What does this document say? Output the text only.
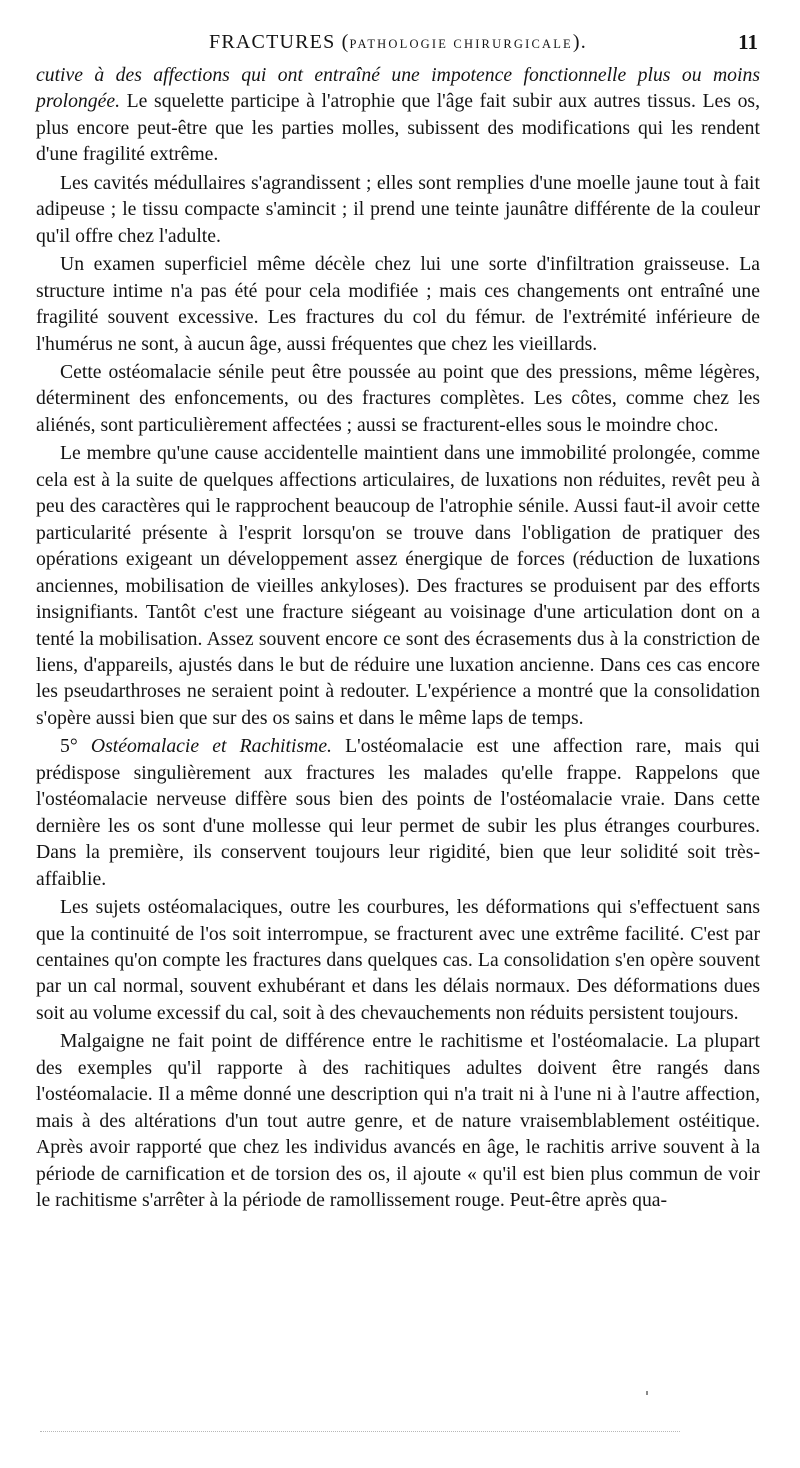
FRACTURES (PATHOLOGIE CHIRURGICALE).	11

cutive à des affections qui ont entraîné une impotence fonctionnelle plus ou moins prolongée. Le squelette participe à l'atrophie que l'âge fait subir aux autres tissus. Les os, plus encore peut-être que les parties molles, subissent des modifications qui les rendent d'une fragilité extrême.

Les cavités médullaires s'agrandissent ; elles sont remplies d'une moelle jaune tout à fait adipeuse ; le tissu compacte s'amincit ; il prend une teinte jaunâtre différente de la couleur qu'il offre chez l'adulte.

Un examen superficiel même décèle chez lui une sorte d'infiltration graisseuse. La structure intime n'a pas été pour cela modifiée ; mais ces changements ont entraîné une fragilité souvent excessive. Les fractures du col du fémur. de l'extrémité inférieure de l'humérus ne sont, à aucun âge, aussi fréquentes que chez les vieillards.

Cette ostéomalacie sénile peut être poussée au point que des pressions, même légères, déterminent des enfoncements, ou des fractures complètes. Les côtes, comme chez les aliénés, sont particulièrement affectées ; aussi se fracturent-elles sous le moindre choc.

Le membre qu'une cause accidentelle maintient dans une immobilité prolongée, comme cela est à la suite de quelques affections articulaires, de luxations non réduites, revêt peu à peu des caractères qui le rapprochent beaucoup de l'atrophie sénile. Aussi faut-il avoir cette particularité présente à l'esprit lorsqu'on se trouve dans l'obligation de pratiquer des opérations exigeant un développement assez énergique de forces (réduction de luxations anciennes, mobilisation de vieilles ankyloses). Des fractures se produisent par des efforts insignifiants. Tantôt c'est une fracture siégeant au voisinage d'une articulation dont on a tenté la mobilisation. Assez souvent encore ce sont des écrasements dus à la constriction de liens, d'appareils, ajustés dans le but de réduire une luxation ancienne. Dans ces cas encore les pseudarthroses ne seraient point à redouter. L'expérience a montré que la consolidation s'opère aussi bien que sur des os sains et dans le même laps de temps.

5° Ostéomalacie et Rachitisme. L'ostéomalacie est une affection rare, mais qui prédispose singulièrement aux fractures les malades qu'elle frappe. Rappelons que l'ostéomalacie nerveuse diffère sous bien des points de l'ostéomalacie vraie. Dans cette dernière les os sont d'une mollesse qui leur permet de subir les plus étranges courbures. Dans la première, ils conservent toujours leur rigidité, bien que leur solidité soit très-affaiblie.

Les sujets ostéomalaciques, outre les courbures, les déformations qui s'effectuent sans que la continuité de l'os soit interrompue, se fracturent avec une extrême facilité. C'est par centaines qu'on compte les fractures dans quelques cas. La consolidation s'en opère souvent par un cal normal, souvent exhubérant et dans les délais normaux. Des déformations dues soit au volume excessif du cal, soit à des chevauchements non réduits persistent toujours.

Malgaigne ne fait point de différence entre le rachitisme et l'ostéomalacie. La plupart des exemples qu'il rapporte à des rachitiques adultes doivent être rangés dans l'ostéomalacie. Il a même donné une description qui n'a trait ni à l'une ni à l'autre affection, mais à des altérations d'un tout autre genre, et de nature vraisemblablement ostéitique. Après avoir rapporté que chez les individus avancés en âge, le rachitis arrive souvent à la période de carnification et de torsion des os, il ajoute « qu'il est bien plus commun de voir le rachitisme s'arrêter à la période de ramollissement rouge. Peut-être après qua-
